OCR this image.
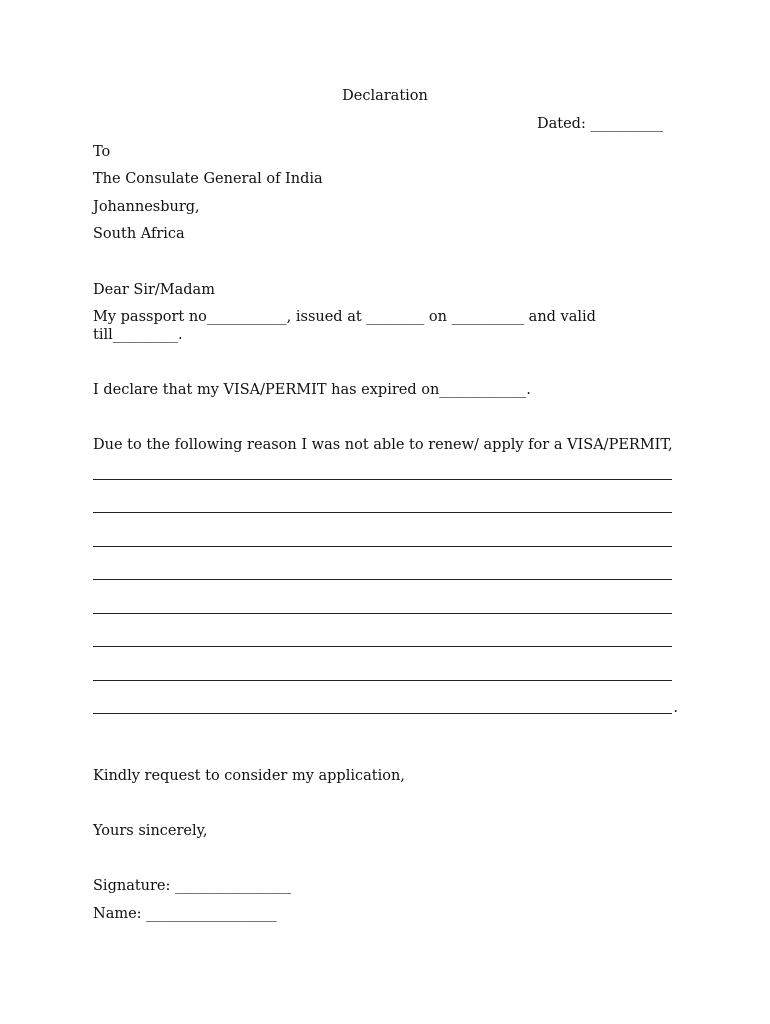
Declaration
Dated: __________
To
The Consulate General of India
Johannesburg,
South Africa
Dear Sir/Madam
My passport no___________, issued at ________ on __________ and valid
till_________.
I declare that my VISA/PERMIT has expired on____________.
Due to the following reason I was not able to renew/ apply for a VISA/PERMIT,
.
Kindly request to consider my application,
Yours sincerely,
Signature: ________________
Name: __________________
